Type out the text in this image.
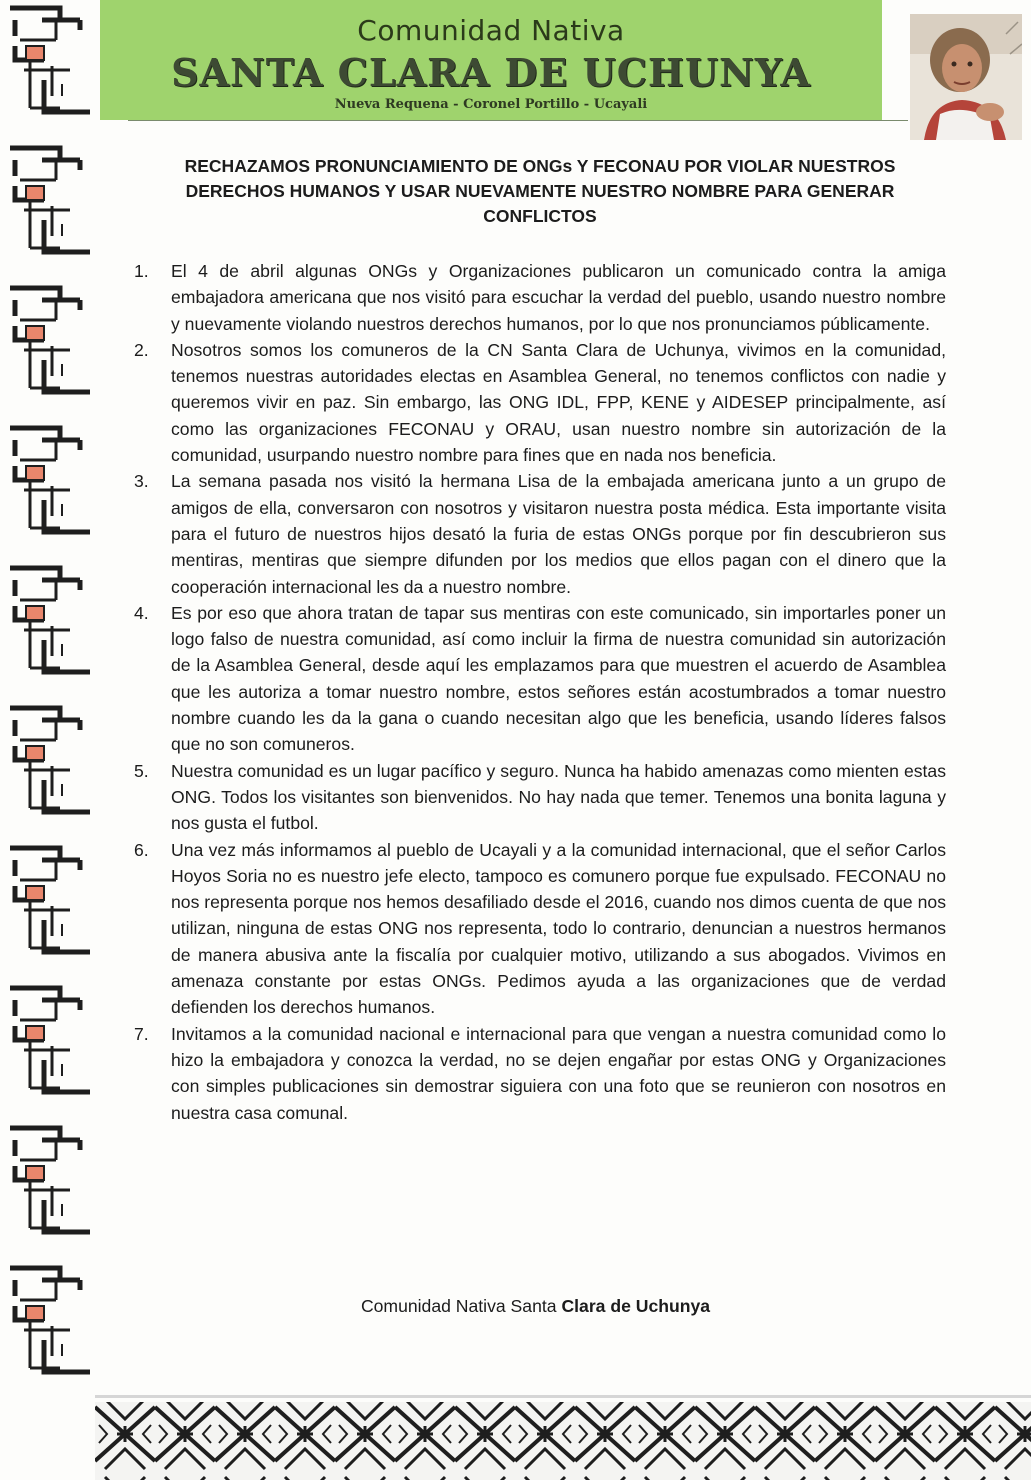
Comunidad Nativa
SANTA CLARA DE UCHUNYA
Nueva Requena - Coronel Portillo - Ucayali
RECHAZAMOS PRONUNCIAMIENTO DE ONGs Y FECONAU POR VIOLAR NUESTROS DERECHOS HUMANOS Y USAR NUEVAMENTE NUESTRO NOMBRE PARA GENERAR CONFLICTOS
1.	El 4 de abril algunas ONGs y Organizaciones publicaron un comunicado contra la amiga embajadora americana que nos visitó para escuchar la verdad del pueblo, usando nuestro nombre y nuevamente violando nuestros derechos humanos, por lo que nos pronunciamos públicamente.
2.	Nosotros somos los comuneros de la CN Santa Clara de Uchunya, vivimos en la comunidad, tenemos nuestras autoridades electas en Asamblea General, no tenemos conflictos con nadie y queremos vivir en paz. Sin embargo, las ONG IDL, FPP, KENE y AIDESEP principalmente, así como las organizaciones FECONAU y ORAU, usan nuestro nombre sin autorización de la comunidad, usurpando nuestro nombre para fines que en nada nos beneficia.
3.	La semana pasada nos visitó la hermana Lisa de la embajada americana junto a un grupo de amigos de ella, conversaron con nosotros y visitaron nuestra posta médica. Esta importante visita para el futuro de nuestros hijos desató la furia de estas ONGs porque por fin descubrieron sus mentiras, mentiras que siempre difunden por los medios que ellos pagan con el dinero que la cooperación internacional les da a nuestro nombre.
4.	Es por eso que ahora tratan de tapar sus mentiras con este comunicado, sin importarles poner un logo falso de nuestra comunidad, así como incluir la firma de nuestra comunidad sin autorización de la Asamblea General, desde aquí les emplazamos para que muestren el acuerdo de Asamblea que les autoriza a tomar nuestro nombre, estos señores están acostumbrados a tomar nuestro nombre cuando les da la gana o cuando necesitan algo que les beneficia, usando líderes falsos que no son comuneros.
5.	Nuestra comunidad es un lugar pacífico y seguro. Nunca ha habido amenazas como mienten estas ONG. Todos los visitantes son bienvenidos. No hay nada que temer. Tenemos una bonita laguna y nos gusta el futbol.
6.	Una vez más informamos al pueblo de Ucayali y a la comunidad internacional, que el señor Carlos Hoyos Soria no es nuestro jefe electo, tampoco es comunero porque fue expulsado. FECONAU no nos representa porque nos hemos desafiliado desde el 2016, cuando nos dimos cuenta de que nos utilizan, ninguna de estas ONG nos representa, todo lo contrario, denuncian a nuestros hermanos de manera abusiva ante la fiscalía por cualquier motivo, utilizando a sus abogados. Vivimos en amenaza constante por estas ONGs. Pedimos ayuda a las organizaciones que de verdad defienden los derechos humanos.
7.	Invitamos a la comunidad nacional e internacional para que vengan a nuestra comunidad como lo hizo la embajadora y conozca la verdad, no se dejen engañar por estas ONG y Organizaciones con simples publicaciones sin demostrar siguiera con una foto que se reunieron con nosotros en nuestra casa comunal.
Comunidad Nativa Santa Clara de Uchunya
